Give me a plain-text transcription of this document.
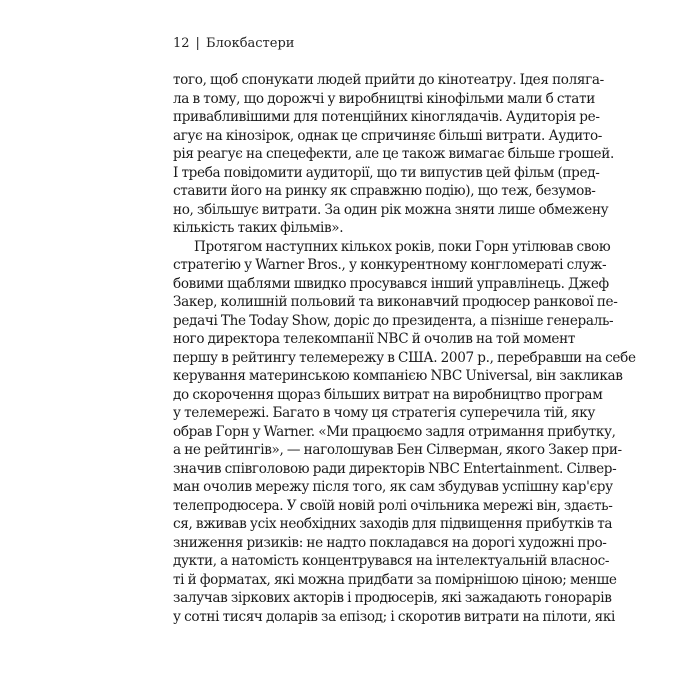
12 | Блокбастери
того, щоб спонукати людей прийти до кінотеатру. Ідея поляга-
ла в тому, що дорожчі у виробництві кінофільми мали б стати
привабливішими для потенційних кіноглядачів. Аудиторія ре-
агує на кінозірок, однак це спричиняє більші витрати. Аудито-
рія реагує на спецефекти, але це також вимагає більше грошей.
І треба повідомити аудиторії, що ти випустив цей фільм (пред-
ставити його на ринку як справжню подію), що теж, безумов-
но, збільшує витрати. За один рік можна зняти лише обмежену
кількість таких фільмів».
Протягом наступних кількох років, поки Горн утілював свою
стратегію у Warner Bros., у конкурентному конгломераті служ-
бовими щаблями швидко просувався інший управлінець. Джеф
Закер, колишній польовий та виконавчий продюсер ранкової пе-
редачі The Today Show, доріс до президента, а пізніше генераль-
ного директора телекомпанії NBC й очолив на той момент
першу в рейтингу телемережу в США. 2007 р., перебравши на себе
керування материнською компанією NBC Universal, він закликав
до скорочення щораз більших витрат на виробництво програм
у телемережі. Багато в чому ця стратегія суперечила тій, яку
обрав Горн у Warner. «Ми працюємо задля отримання прибутку,
а не рейтингів», — наголошував Бен Сілверман, якого Закер при-
значив співголовою ради директорів NBC Entertainment. Сілвер-
ман очолив мережу після того, як сам збудував успішну кар'єру
телепродюсера. У своїй новій ролі очільника мережі він, здаєть-
ся, вживав усіх необхідних заходів для підвищення прибутків та
зниження ризиків: не надто покладався на дорогі художні про-
дукти, а натомість концентрувався на інтелектуальній власнос-
ті й форматах, які можна придбати за помірнішою ціною; менше
залучав зіркових акторів і продюсерів, які зажадають гонорарів
у сотні тисяч доларів за епізод; і скоротив витрати на пілоти, які
